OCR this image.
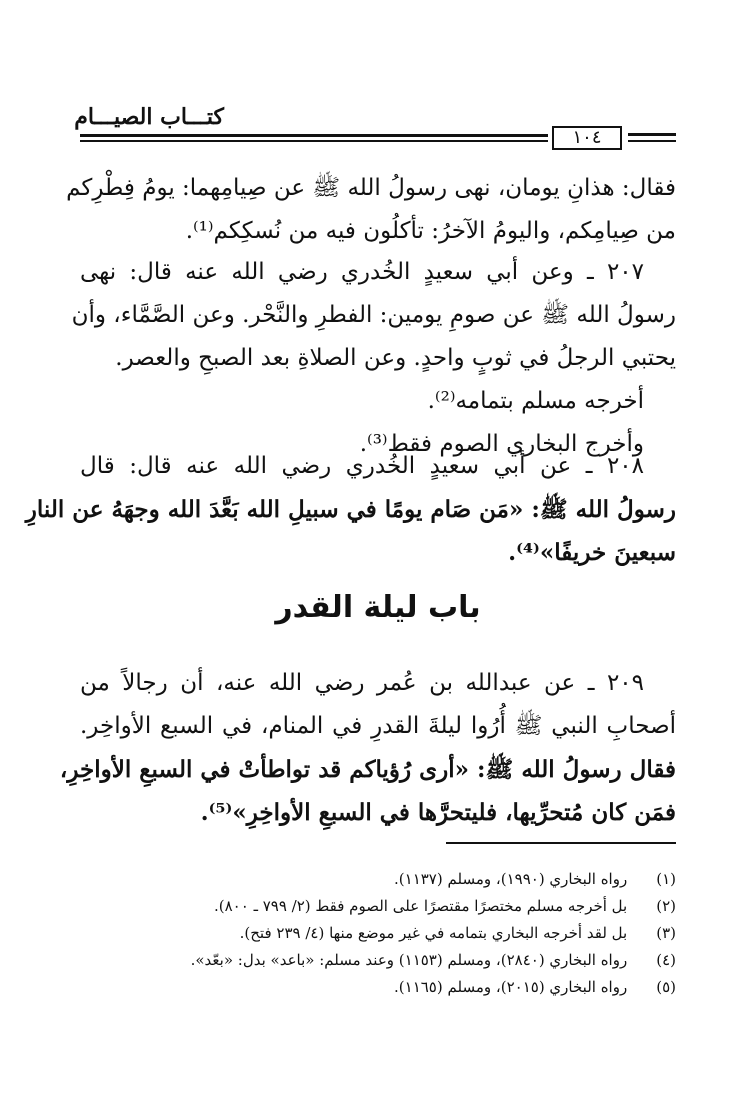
كتـــاب الصيـــام
١٠٤
فقال: هذانِ يومان، نهى رسولُ الله ﷺ عن صِيامِهما: يومُ فِطْرِكم
من صِيامِكم، واليومُ الآخرُ: تأكلُون فيه من نُسكِكم⁽¹⁾.
٢٠٧ ـ وعن أبي سعيدٍ الخُدري رضي الله عنه قال: نهى
رسولُ الله ﷺ عن صومِ يومين: الفطرِ والنَّحْر. وعن الصَّمَّاء، وأن
يحتبي الرجلُ في ثوبٍ واحدٍ. وعن الصلاةِ بعد الصبحِ والعصر.
أخرجه مسلم بتمامه⁽²⁾.
وأخرج البخاري الصوم فقط⁽³⁾.
٢٠٨ ـ عن أبي سعيدٍ الخُدري رضي الله عنه قال: قال
رسولُ الله ﷺ: «مَن صَام يومًا في سبيلِ الله بَعَّدَ الله وجهَهُ عن النارِ
سبعينَ خريفًا»⁽⁴⁾.
باب ليلة القدر
٢٠٩ ـ عن عبدالله بن عُمر رضي الله عنه، أن رجالاً من
أصحابِ النبي ﷺ أُرُوا ليلةَ القدرِ في المنام، في السبع الأواخِر.
فقال رسولُ الله ﷺ: «أرى رُؤياكم قد تواطأتْ في السبعِ الأواخِرِ،
فمَن كان مُتحرِّيها، فليتحرَّها في السبعِ الأواخِرِ»⁽⁵⁾.
(١) رواه البخاري (١٩٩٠)، ومسلم (١١٣٧).
(٢) بل أخرجه مسلم مختصرًا مقتصرًا على الصوم فقط (٢/ ٧٩٩ ـ ٨٠٠).
(٣) بل لقد أخرجه البخاري بتمامه في غير موضع منها (٤/ ٢٣٩ فتح).
(٤) رواه البخاري (٢٨٤٠)، ومسلم (١١٥٣) وعند مسلم: «باعد» بدل: «بعّد».
(٥) رواه البخاري (٢٠١٥)، ومسلم (١١٦٥).
